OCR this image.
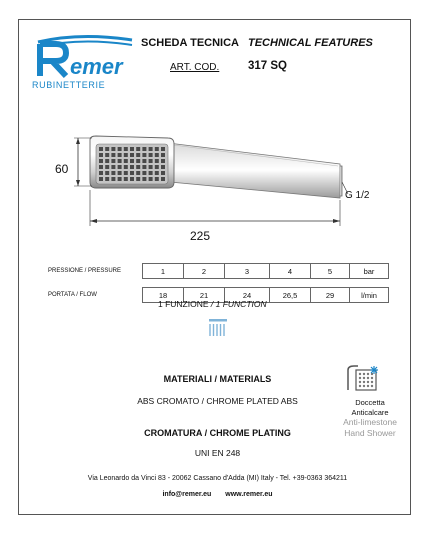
emer
RUBINETTERIE
SCHEDA TECNICA TECHNICAL FEATURES
ART. COD. 317 SQ
60
225
G 1/2
PRESSIONE / PRESSURE	1	2	3	4	5	bar

PORTATA / FLOW	18	21	24	26,5	29	l/min
1 FUNZIONE / 1 FUNCTION
MATERIALI / MATERIALS
ABS CROMATO / CHROME PLATED ABS
CROMATURA / CHROME PLATING
UNI EN 248
Doccetta
Anticalcare
Anti-limestone
Hand Shower
Via Leonardo da Vinci 83 - 20062 Cassano d'Adda (MI) Italy - Tel. +39-0363 364211
info@remer.eu www.remer.eu
